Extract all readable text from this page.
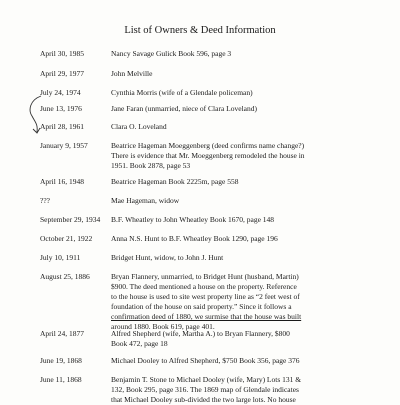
List of Owners & Deed Information
April 30, 1985	Nancy Savage Gulick Book 596, page 3

April 29, 1977	John Melville

July 24, 1974	Cynthia Morris (wife of a Glendale policeman)

June 13, 1976	Jane Faran (unmarried, niece of Clara Loveland)

April 28, 1961	Clara O. Loveland

January 9, 1957	Beatrice Hageman Moeggenberg (deed confirms name change?)

There is evidence that Mr. Moeggenberg remodeled the house in

1951. Book 2878, page 53

April 16, 1948	Beatrice Hageman Book 2225m, page 558

???	Mae Hageman, widow

September 29, 1934 B.F. Wheatley to John Wheatley Book 1670, page 148

October 21, 1922	Anna N.S. Hunt to B.F. Wheatley Book 1290, page 196

July 10, 1911	Bridget Hunt, widow, to John J. Hunt

August 25, 1886	Bryan Flannery, unmarried, to Bridget Hunt (husband, Martin)

$900. The deed mentioned a house on the property. Reference

to the house is used to site west property line as “2 feet west of

foundation of the house on said property.” Since it follows a

confirmation deed of 1880, we surmise that the house was built

around 1880. Book 619, page 401.

April 24, 1877	Alfred Shepherd (wife, Martha A.) to Bryan Flannery, $800

Book 472, page 18

June 19, 1868	Michael Dooley to Alfred Shepherd, $750 Book 356, page 376

June 11, 1868	Benjamin T. Stone to Michael Dooley (wife, Mary) Lots 131 &

132, Book 295, page 316. The 1869 map of Glendale indicates

that Michael Dooley sub-divided the two large lots. No house
